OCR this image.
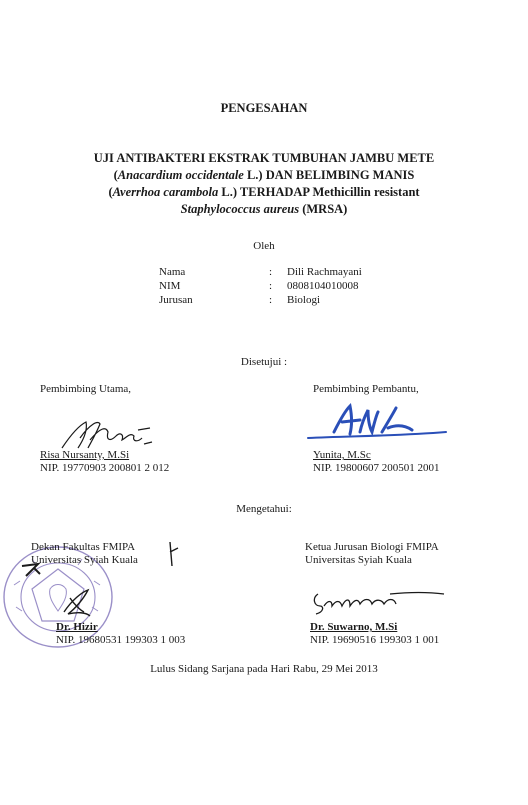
PENGESAHAN
UJI ANTIBAKTERI EKSTRAK TUMBUHAN JAMBU METE
(Anacardium occidentale L.) DAN BELIMBING MANIS
(Averrhoa carambola L.) TERHADAP Methicillin resistant
Staphylococcus aureus (MRSA)
Oleh
Nama	:	Dili Rachmayani
NIM	:	0808104010008
Jurusan	:	Biologi
Disetujui :
Pembimbing Utama,
Risa Nursanty, M.Si
NIP. 19770903 200801 2 012
Pembimbing Pembantu,
Yunita, M.Sc
NIP. 19800607 200501 2001
Mengetahui:
Dekan Fakultas FMIPA
Universitas Syiah Kuala
Dr. Hizir
NIP. 19680531 199303 1 003
Ketua Jurusan Biologi FMIPA
Universitas Syiah Kuala
Dr. Suwarno, M.Si
NIP. 19690516 199303 1 001
Lulus Sidang Sarjana pada Hari Rabu, 29 Mei 2013
